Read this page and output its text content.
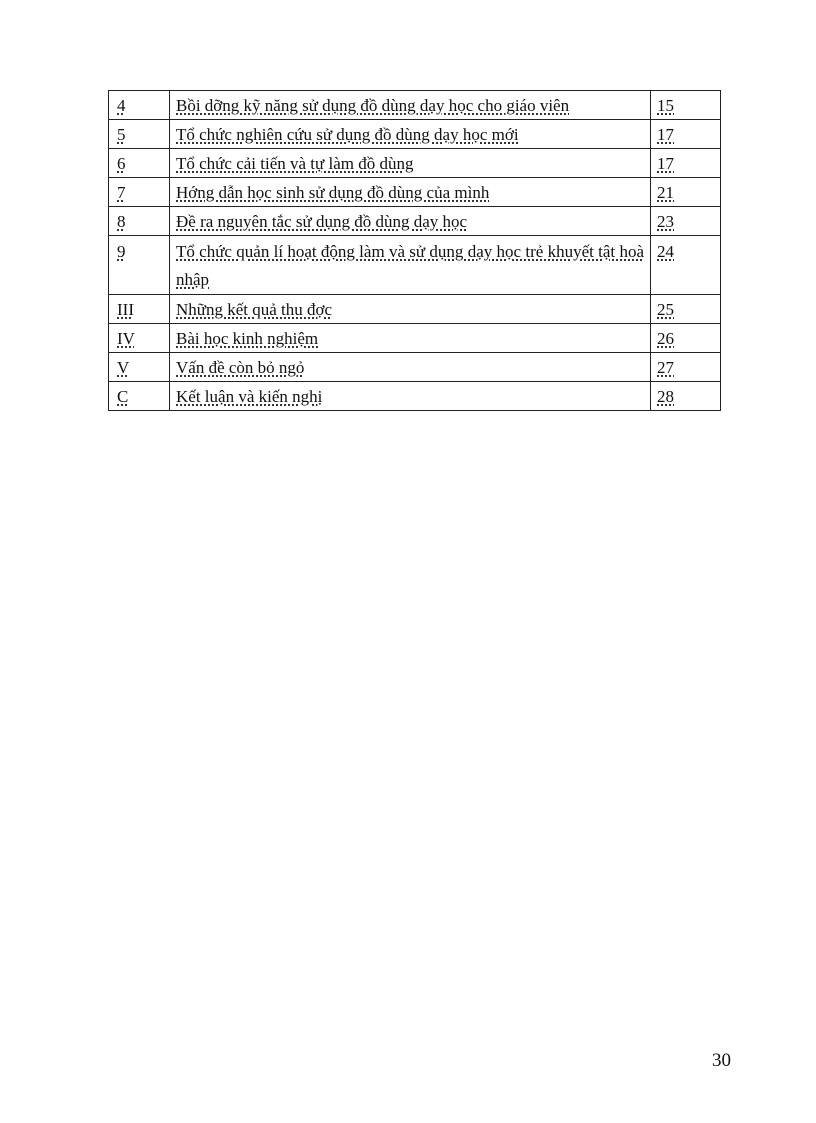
4	Bồi dỡng kỹ năng sử dụng đồ dùng dạy học cho giáo viên	15
5	Tổ chức nghiên cứu sử dụng đồ dùng dạy học mới	17
6	Tổ chức cải tiến và tự làm đồ dùng	17
7	Hớng dẫn học sinh sử dụng đồ dùng của mình	21
8	Đề ra nguyên tắc sử dụng đồ dùng dạy học	23
9	Tổ chức quản lí hoạt động làm và sử dụng dạy học trẻ khuyết tật hoà nhập	24
III	Những kết quả thu đợc	25
IV	Bài học kinh nghiệm	26
V	Vấn đề còn bỏ ngỏ	27
C	Kết luận và kiến nghị	28
30
